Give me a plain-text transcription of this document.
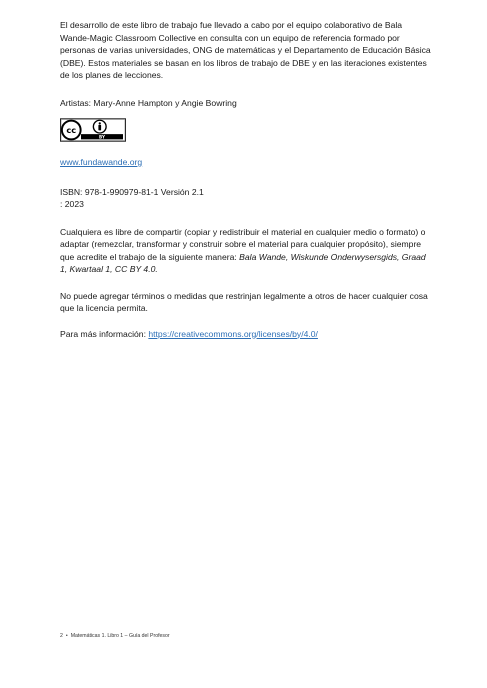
El desarrollo de este libro de trabajo fue llevado a cabo por el equipo colaborativo de Bala Wande-Magic Classroom Collective en consulta con un equipo de referencia formado por personas de varias universidades, ONG de matemáticas y el Departamento de Educación Básica (DBE). Estos materiales se basan en los libros de trabajo de DBE y en las iteraciones existentes de los planes de lecciones.

Artistas: Mary-Anne Hampton y Angie Bowring

cc
BY

www.fundawande.org

ISBN: 978-1-990979-81-1 Versión 2.1

: 2023

Cualquiera es libre de compartir (copiar y redistribuir el material en cualquier medio o formato) o adaptar (remezclar, transformar y construir sobre el material para cualquier propósito), siempre que acredite el trabajo de la siguiente manera: Bala Wande, Wiskunde Onderwysersgids, Graad 1, Kwartaal 1, CC BY 4.0.

No puede agregar términos o medidas que restrinjan legalmente a otros de hacer cualquier cosa que la licencia permita.

Para más información: https://creativecommons.org/licenses/by/4.0/

2 • Matemáticas 1. Libro 1 – Guía del Profesor
